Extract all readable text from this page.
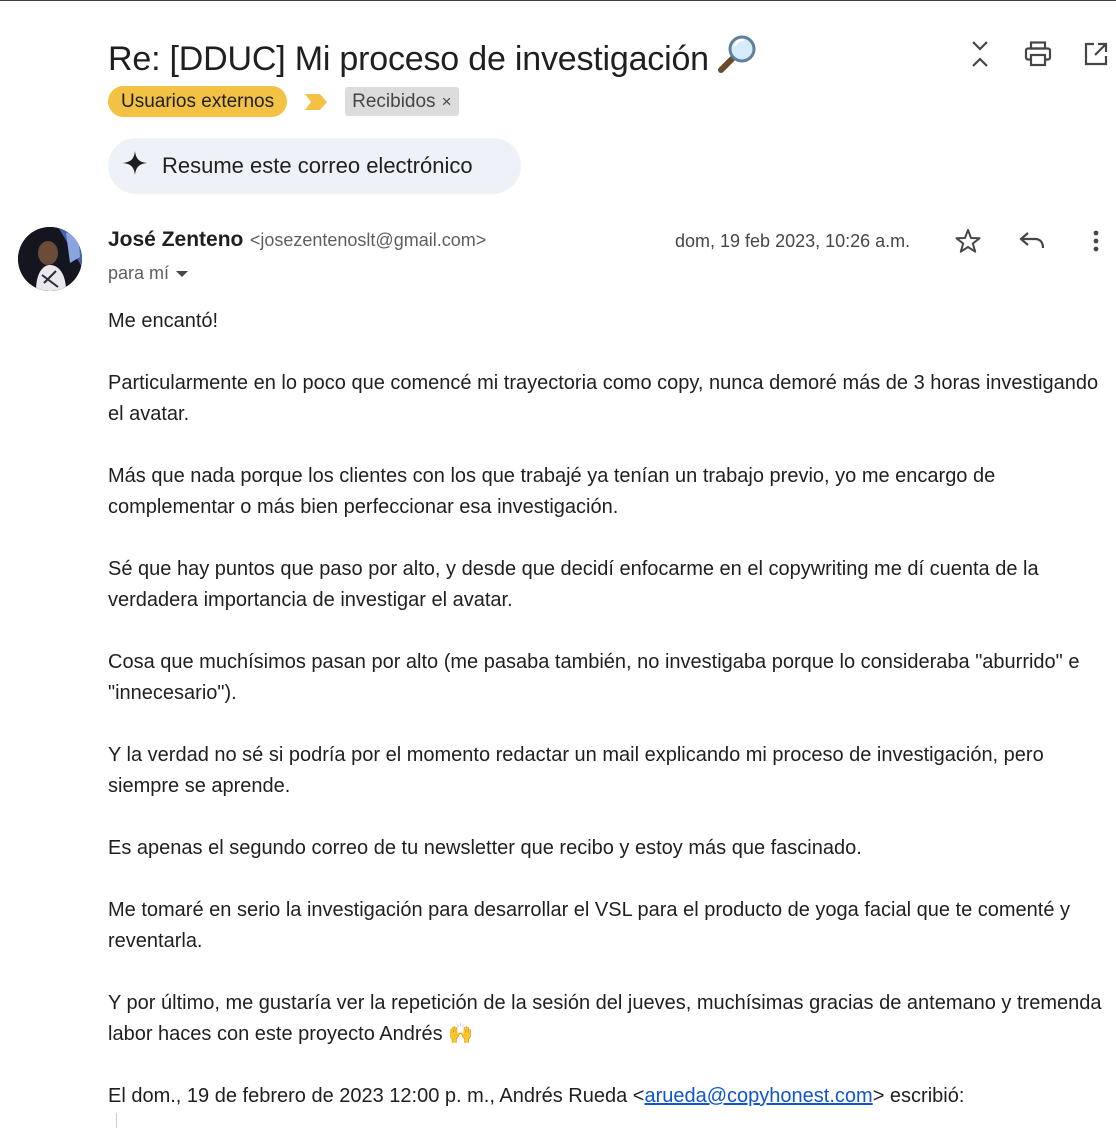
Re: [DDUC] Mi proceso de investigación
Usuarios externos	Recibidos ×
Resume este correo electrónico
José Zenteno <josezentenoslt@gmail.com>	dom, 19 feb 2023, 10:26 a.m.
para mí

Me encantó!

Particularmente en lo poco que comencé mi trayectoria como copy, nunca demoré más de 3 horas investigando el avatar.

Más que nada porque los clientes con los que trabajé ya tenían un trabajo previo, yo me encargo de complementar o más bien perfeccionar esa investigación.

Sé que hay puntos que paso por alto, y desde que decidí enfocarme en el copywriting me dí cuenta de la verdadera importancia de investigar el avatar.

Cosa que muchísimos pasan por alto (me pasaba también, no investigaba porque lo consideraba "aburrido" e "innecesario").

Y la verdad no sé si podría por el momento redactar un mail explicando mi proceso de investigación, pero siempre se aprende.

Es apenas el segundo correo de tu newsletter que recibo y estoy más que fascinado.

Me tomaré en serio la investigación para desarrollar el VSL para el producto de yoga facial que te comenté y reventarla.

Y por último, me gustaría ver la repetición de la sesión del jueves, muchísimas gracias de antemano y tremenda labor haces con este proyecto Andrés 🙌

El dom., 19 de febrero de 2023 12:00 p. m., Andrés Rueda <arueda@copyhonest.com> escribió:
